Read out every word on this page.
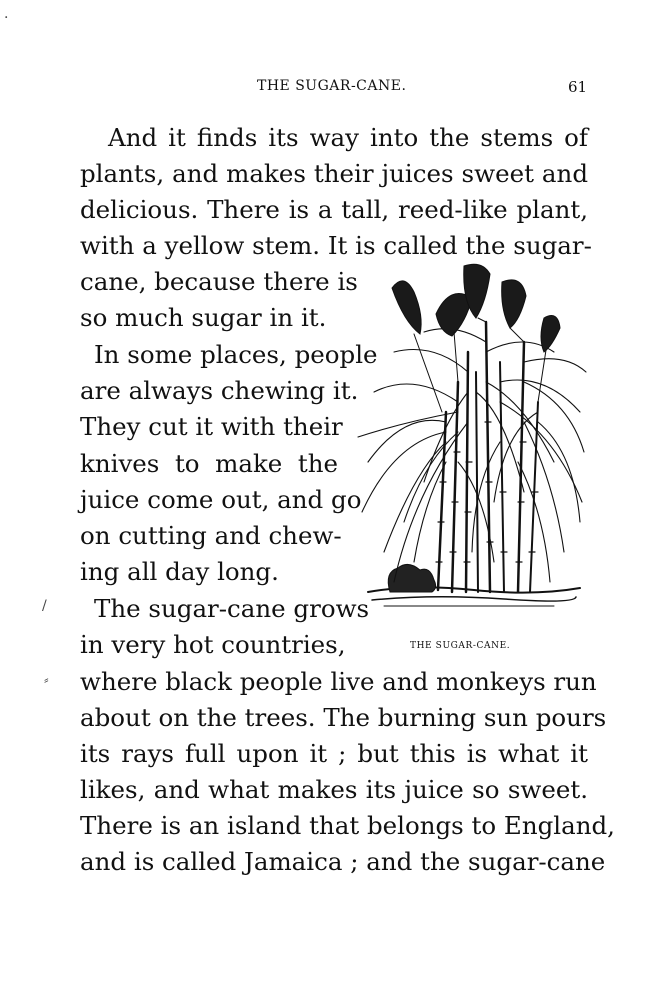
THE SUGAR-CANE.	61
·
/
⸗
And it finds its way into the stems of
plants, and makes their juices sweet and
delicious. There is a tall, reed-like plant,
with a yellow stem. It is called the sugar-
cane, because there is
so much sugar in it.
In some places, people
are always chewing it.
They cut it with their
knives to make the
juice come out, and go
on cutting and chew-
ing all day long.
The sugar-cane grows
in very hot countries,
where black people live and monkeys run
about on the trees. The burning sun pours
its rays full upon it ; but this is what it
likes, and what makes its juice so sweet.
There is an island that belongs to England,
and is called Jamaica ; and the sugar-cane
THE SUGAR-CANE.
